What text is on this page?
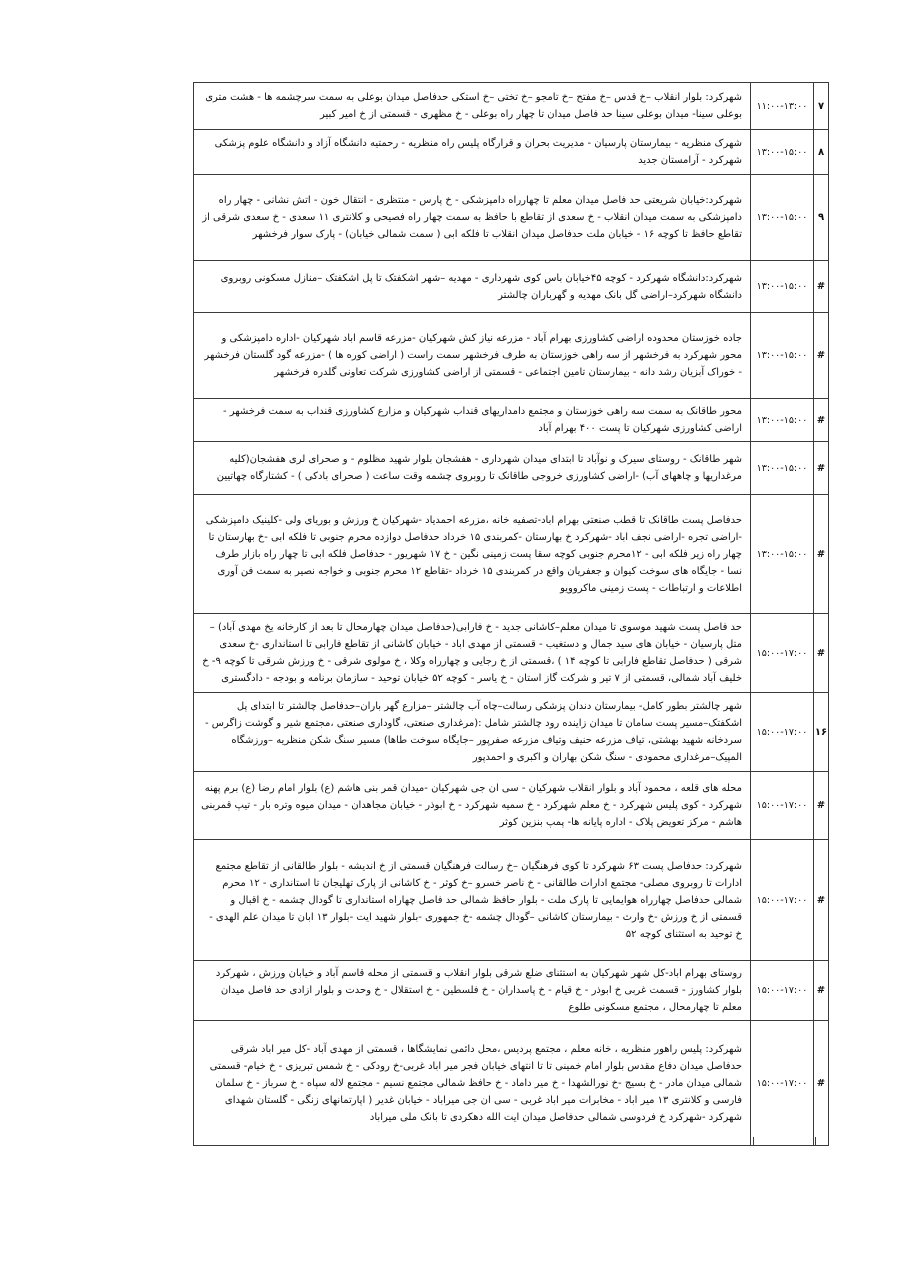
۷	۱۱:۰۰-۱۳:۰۰	شهرکرد: بلوار انقلاب –خ قدس –خ مفتح –خ تامجو –خ تختی –خ استکی حدفاصل میدان بوعلی به سمت سرچشمه ها - هشت متری بوعلی سینا- میدان بوعلی سینا حد فاصل میدان تا چهار راه بوعلی - خ مظهری - قسمتی از خ امیر کبیر
۸	۱۳:۰۰-۱۵:۰۰	شهرک منظریه - بیمارستان پارسیان - مدیریت بحران و قرارگاه پلیس راه منظریه - رحمتیه دانشگاه آزاد و دانشگاه علوم پزشکی شهرکرد - آرامستان جدید
۹	۱۳:۰۰-۱۵:۰۰	شهرکرد:خیابان شریعتی حد فاصل میدان معلم تا چهارراه دامپزشکی - خ پارس - منتظری - انتقال خون - اتش نشانی - چهار راه دامپزشکی به سمت میدان انقلاب - خ سعدی از تقاطع با حافظ به سمت چهار راه فصیحی و کلانتری ۱۱ سعدی - خ سعدی شرقی از تقاطع حافظ تا کوچه ۱۶ - خیابان ملت حدفاصل میدان انقلاب تا فلکه ابی ( سمت شمالی خیابان) - پارک سوار فرخشهر
#	۱۳:۰۰-۱۵:۰۰	شهرکرد:دانشگاه شهرکرد - کوچه ۴۵خیابان باس کوی شهرداری - مهدیه –شهر اشکفتک تا پل اشکفتک –منازل مسکونی روبروی دانشگاه شهرکرد–اراضی گل بانک مهدیه و گهرباران چالشتر
#	۱۳:۰۰-۱۵:۰۰	جاده خوزستان محدوده اراضی کشاورزی بهرام آباد - مزرعه نیاز کش شهرکیان -مزرعه قاسم اباد شهرکیان -اداره دامپزشکی و محور شهرکرد به فرخشهر از سه راهی خوزستان به طرف فرخشهر سمت راست ( اراضی کوره ها ) -مزرعه گود گلستان فرخشهر - خوراک آبزیان رشد دانه - بیمارستان تامین اجتماعی - قسمتی از اراضی کشاورزی شرکت تعاونی گلدره فرخشهر
#	۱۳:۰۰-۱۵:۰۰	محور طاقانک به سمت سه راهی خوزستان و مجتمع دامداریهای قنداب شهرکیان و مزارع کشاورزی قنداب به سمت فرخشهر - اراضی کشاورزی شهرکیان تا پست ۴۰۰ بهرام آباد
#	۱۳:۰۰-۱۵:۰۰	شهر طاقانک - روستای سیرک و نوآباد تا ابتدای میدان شهرداری - هفشجان بلوار شهید مظلوم - و صحرای لری هفشجان(کلیه مرغداریها و چاههای آب) -اراضی کشاورزی خروجی طاقانک تا روبروی چشمه وقت ساعت ( صحرای بادکی ) - کشتارگاه چهاتیین
#	۱۳:۰۰-۱۵:۰۰	حدفاصل پست طاقانک تا قطب صنعتی بهرام اباد-تصفیه خانه ،مزرعه احمدیاد -شهرکیان خ ورزش و بوریای ولی -کلینیک دامپزشکی -اراضی تجره -اراضی نجف اباد -شهرکرد خ بهارستان -کمربندی ۱۵ خرداد حدفاصل دوازده محرم جنوبی تا فلکه ابی -خ بهارستان تا چهار راه زیر فلکه ابی - ۱۲محرم جنوبی کوچه سقا پست زمینی نگین - خ ۱۷ شهریور - حدفاصل فلکه ابی تا چهار راه بازار طرف نسا - جایگاه های سوخت کیوان و جعفریان واقع در کمربندی ۱۵ خرداد -تقاطع ۱۲ محرم جنوبی و خواجه نصیر به سمت فن آوری اطلاعات و ارتباطات - پست زمینی ماکروویو
#	۱۵:۰۰-۱۷:۰۰	حد فاصل پست شهید موسوی تا میدان معلم–کاشانی جدید - خ فارابی(حدفاصل میدان چهارمحال تا بعد از کارخانه یخ مهدی آباد) –متل پارسیان - خیابان های سید جمال و دستغیب - قسمتی از مهدی اباد - خیابان کاشانی از تقاطع فارابی تا استانداری -خ سعدی شرقی ( حدفاصل تقاطع فارابی تا کوچه ۱۴ ) ،قسمتی از خ رجایی و چهارراه وکلا ، خ مولوی شرقی - خ ورزش شرقی تا کوچه ۹- خ خلیف آباد شمالی، قسمتی از ۷ تیر و شرکت گاز استان - خ یاسر - کوچه ۵۲ خیابان توحید - سازمان برنامه و بودجه - دادگستری
۱۶	۱۵:۰۰-۱۷:۰۰	شهر چالشتر بطور کامل- بیمارستان دندان پزشکی رسالت–چاه آب چالشتر –مزارع گهر باران–حدفاصل چالشتر تا ابتدای پل اشکفتک–مسیر پست سامان تا میدان زاینده رود چالشتر شامل :(مرغداری صنعتی، گاوداری صنعتی ،مجتمع شیر و گوشت زاگرس - سردخانه شهید بهشتی، تیاف مزرعه حنیف وتیاف مزرعه صفرپور –جایگاه سوخت طاها) مسیر سنگ شکن منظریه –ورزشگاه المپیک–مرغداری محمودی - سنگ شکن بهاران و اکبری و احمدپور
#	۱۵:۰۰-۱۷:۰۰	محله های قلعه ، محمود آباد و بلوار انقلاب شهرکیان - سی ان جی شهرکیان -میدان قمر بنی هاشم (ع) بلوار امام رضا (ع) برم پهنه شهرکرد - کوی پلیس شهرکرد - خ معلم شهرکرد - خ سمیه شهرکرد - خ ابوذر - خیابان مجاهدان - میدان میوه وتره بار - تیپ قمربنی هاشم - مرکز تعویض پلاک - اداره پایانه ها- پمپ بنزین کوثر
#	۱۵:۰۰-۱۷:۰۰	شهرکرد: حدفاصل پست ۶۳ شهرکرد تا کوی فرهنگیان –خ رسالت فرهنگیان قسمتی از خ اندیشه - بلوار طالقانی از تقاطع مجتمع ادارات تا روبروی مصلی- مجتمع ادارات طالقانی - خ ناصر خسرو –خ کوثر - خ کاشانی از پارک تهلیجان تا استانداری - ۱۲ محرم شمالی حدفاصل چهارراه هوایمایی تا پارک ملت - بلوار حافظ شمالی حد فاصل چهاراه استانداری تا گودال چشمه - خ اقبال و قسمتی از خ ورزش -خ وارث - بیمارستان کاشانی –گودال چشمه -خ جمهوری -بلوار شهید ایت -بلوار ۱۳ ابان تا میدان علم الهدی - خ توحید به استثنای کوچه ۵۲
#	۱۵:۰۰-۱۷:۰۰	روستای بهرام اباد-کل شهر شهرکیان به استثنای ضلع شرقی بلوار انقلاب و قسمتی از محله قاسم آباد و خیابان ورزش ، شهرکرد بلوار کشاورز - قسمت غربی خ ابوذر - خ قیام - خ پاسداران - خ فلسطین - خ استقلال - خ وحدت و بلوار ازادی حد فاصل میدان معلم تا چهارمحال ، مجتمع مسکونی طلوع
#	۱۵:۰۰-۱۷:۰۰	شهرکرد: پلیس راهور منظریه ، خانه معلم ، مجتمع پردیس ،محل دائمی نمایشگاها ، قسمتی از مهدی آباد -کل میر اباد شرقی حدفاصل میدان دفاع مقدس بلوار امام خمینی تا تا انتهای خیابان فجر میر اباد غربی-خ رودکی - خ شمس تبریزی - خ خیام- قسمتی شمالی میدان مادر - خ بسیج -خ نورالشهدا - خ میر داماد - خ حافظ شمالی مجتمع نسیم - مجتمع لاله سپاه - خ سرباز - خ سلمان فارسی و کلانتری ۱۳ میر اباد - مخابرات میر اباد غربی - سی ان جی میراباد - خیابان غدیر ( اپارتمانهای زنگی - گلستان شهدای شهرکرد -شهرکرد خ فردوسی شمالی حدفاصل میدان ایت الله دهکردی تا بانک ملی میراباد
